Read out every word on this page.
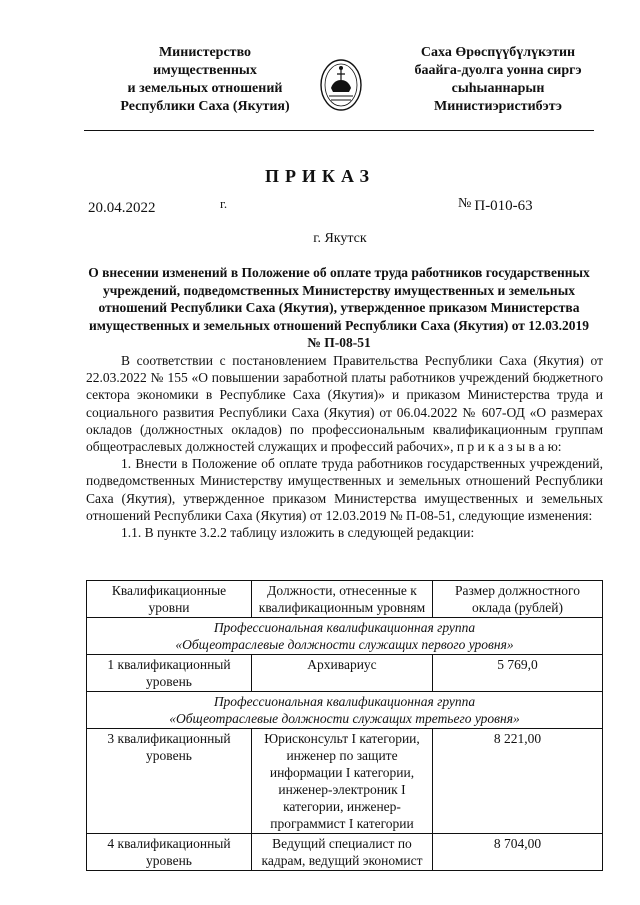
Министерство
имущественных
и земельных отношений
Республики Саха (Якутия)
Саха Өрөспүүбүлүкэтин
баайга-дуолга уонна сиргэ
сыһыаннарын
Министиэристибэтэ
ПРИКАЗ
20.04.2022	г.	№ П-010-63
г. Якутск
О внесении изменений в Положение об оплате труда работников государственных учреждений, подведомственных Министерству имущественных и земельных отношений Республики Саха (Якутия), утвержденное приказом Министерства имущественных и земельных отношений Республики Саха (Якутия) от 12.03.2019 № П-08-51

В соответствии с постановлением Правительства Республики Саха (Якутия) от 22.03.2022 № 155 «О повышении заработной платы работников учреждений бюджетного сектора экономики в Республике Саха (Якутия)» и приказом Министерства труда и социального развития Республики Саха (Якутия) от 06.04.2022 № 607-ОД «О размерах окладов (должностных окладов) по профессиональным квалификационным группам общеотраслевых должностей служащих и профессий рабочих», п р и к а з ы в а ю:

1. Внести в Положение об оплате труда работников государственных учреждений, подведомственных Министерству имущественных и земельных отношений Республики Саха (Якутия), утвержденное приказом Министерства имущественных и земельных отношений Республики Саха (Якутия) от 12.03.2019 № П-08-51, следующие изменения:

1.1. В пункте 3.2.2 таблицу изложить в следующей редакции:

Квалификационные уровни	Должности, отнесенные к квалификационным уровням	Размер должностного оклада (рублей)

Профессиональная квалификационная группа
«Общеотраслевые должности служащих первого уровня»		

1 квалификационный уровень	Архивариус	5 769,0

Профессиональная квалификационная группа
«Общеотраслевые должности служащих третьего уровня»		

3 квалификационный уровень	Юрисконсульт I категории, инженер по защите информации I категории, инженер-электроник I категории, инженер-программист I категории	8 221,00
4 квалификационный уровень	Ведущий специалист по кадрам, ведущий экономист	8 704,00
